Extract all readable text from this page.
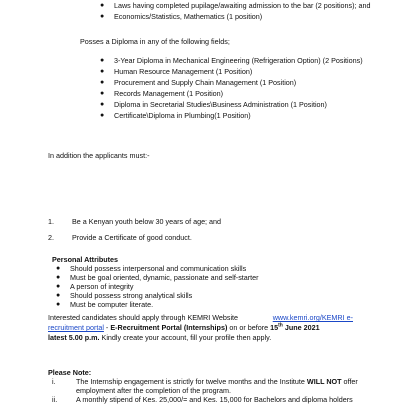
● Laws having completed pupilage/awaiting admission to the bar (2 positions); and
● Economics/Statistics, Mathematics (1 position)
Posses a Diploma in any of the following fields;
● 3-Year Diploma in Mechanical Engineering (Refrigeration Option) (2 Positions)
● Human Resource Management (1 Position)
● Procurement and Supply Chain Management (1 Position)
● Records Management (1 Position)
● Diploma in Secretarial Studies\Business Administration (1 Position)
● Certificate\Diploma in Plumbing(1 Position)
In addition the applicants must:-
1.	Be a Kenyan youth below 30 years of age; and
2.	Provide a Certificate of good conduct.
Personal Attributes
● Should possess interpersonal and communication skills
● Must be goal oriented, dynamic, passionate and self-starter
● A person of integrity
● Should possess strong analytical skills
● Must be computer literate.
Interested candidates should apply through KEMRI Website	www.kemri.org/KEMRI e-
recruitment portal - E-Recruitment Portal (Internships) on or before 15th June 2021
latest 5.00 p.m. Kindly create your account, fill your profile then apply.
Please Note:
i.	The Internship engagement is strictly for twelve months and the Institute WILL NOT offer
employment after the completion of the program.
ii.	A monthly stipend of Kes. 25,000/= and Kes. 15,000 for Bachelors and diploma holders
